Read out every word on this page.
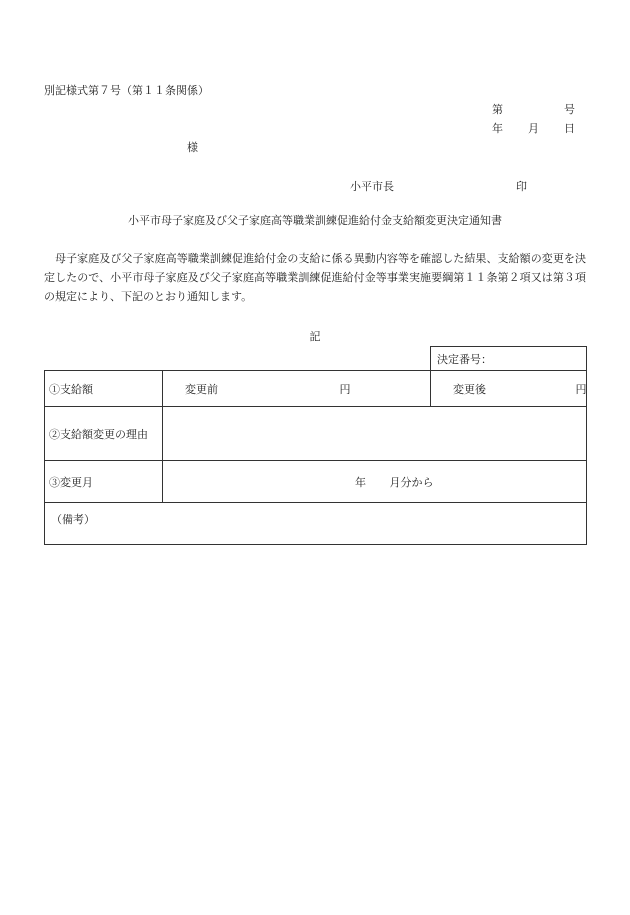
別記様式第７号（第１１条関係）
第	号
年 月 日
様
小平市長	印
小平市母子家庭及び父子家庭高等職業訓練促進給付金支給額変更決定通知書
母子家庭及び父子家庭高等職業訓練促進給付金の支給に係る異動内容等を確認した結果、支給額の変更を決定したので、小平市母子家庭及び父子家庭高等職業訓練促進給付金等事業実施要綱第１１条第２項又は第３項の規定により、下記のとおり通知します。
記
		決定番号：
①支給額	変更前 円	変更後 円
②支給額変更の理由		
③変更月	年 月分から	
（備考）		
